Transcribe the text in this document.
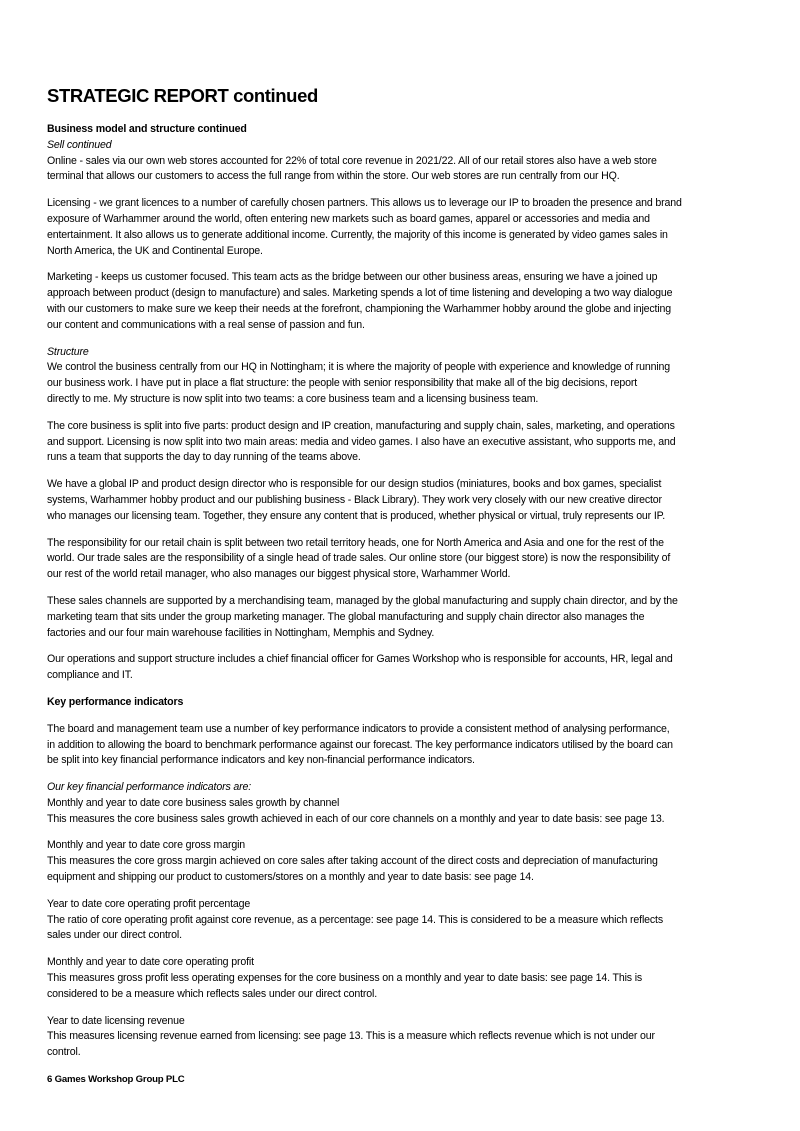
STRATEGIC REPORT continued
Business model and structure continued
Sell continued
Online - sales via our own web stores accounted for 22% of total core revenue in 2021/22. All of our retail stores also have a web store
terminal that allows our customers to access the full range from within the store. Our web stores are run centrally from our HQ.
Licensing - we grant licences to a number of carefully chosen partners. This allows us to leverage our IP to broaden the presence and brand
exposure of Warhammer around the world, often entering new markets such as board games, apparel or accessories and media and
entertainment. It also allows us to generate additional income. Currently, the majority of this income is generated by video games sales in
North America, the UK and Continental Europe.
Marketing - keeps us customer focused. This team acts as the bridge between our other business areas, ensuring we have a joined up
approach between product (design to manufacture) and sales. Marketing spends a lot of time listening and developing a two way dialogue
with our customers to make sure we keep their needs at the forefront, championing the Warhammer hobby around the globe and injecting
our content and communications with a real sense of passion and fun.
Structure
We control the business centrally from our HQ in Nottingham; it is where the majority of people with experience and knowledge of running
our business work. I have put in place a flat structure: the people with senior responsibility that make all of the big decisions, report
directly to me. My structure is now split into two teams: a core business team and a licensing business team.
The core business is split into five parts: product design and IP creation, manufacturing and supply chain, sales, marketing, and operations
and support. Licensing is now split into two main areas: media and video games. I also have an executive assistant, who supports me, and
runs a team that supports the day to day running of the teams above.
We have a global IP and product design director who is responsible for our design studios (miniatures, books and box games, specialist
systems, Warhammer hobby product and our publishing business - Black Library). They work very closely with our new creative director
who manages our licensing team. Together, they ensure any content that is produced, whether physical or virtual, truly represents our IP.
The responsibility for our retail chain is split between two retail territory heads, one for North America and Asia and one for the rest of the
world. Our trade sales are the responsibility of a single head of trade sales. Our online store (our biggest store) is now the responsibility of
our rest of the world retail manager, who also manages our biggest physical store, Warhammer World.
These sales channels are supported by a merchandising team, managed by the global manufacturing and supply chain director, and by the
marketing team that sits under the group marketing manager. The global manufacturing and supply chain director also manages the
factories and our four main warehouse facilities in Nottingham, Memphis and Sydney.
Our operations and support structure includes a chief financial officer for Games Workshop who is responsible for accounts, HR, legal and
compliance and IT.
Key performance indicators
The board and management team use a number of key performance indicators to provide a consistent method of analysing performance,
in addition to allowing the board to benchmark performance against our forecast. The key performance indicators utilised by the board can
be split into key financial performance indicators and key non-financial performance indicators.
Our key financial performance indicators are:
Monthly and year to date core business sales growth by channel
This measures the core business sales growth achieved in each of our core channels on a monthly and year to date basis: see page 13.
Monthly and year to date core gross margin
This measures the core gross margin achieved on core sales after taking account of the direct costs and depreciation of manufacturing
equipment and shipping our product to customers/stores on a monthly and year to date basis: see page 14.
Year to date core operating profit percentage
The ratio of core operating profit against core revenue, as a percentage: see page 14. This is considered to be a measure which reflects
sales under our direct control.
Monthly and year to date core operating profit
This measures gross profit less operating expenses for the core business on a monthly and year to date basis: see page 14. This is
considered to be a measure which reflects sales under our direct control.
Year to date licensing revenue
This measures licensing revenue earned from licensing: see page 13. This is a measure which reflects revenue which is not under our
control.
6 Games Workshop Group PLC
